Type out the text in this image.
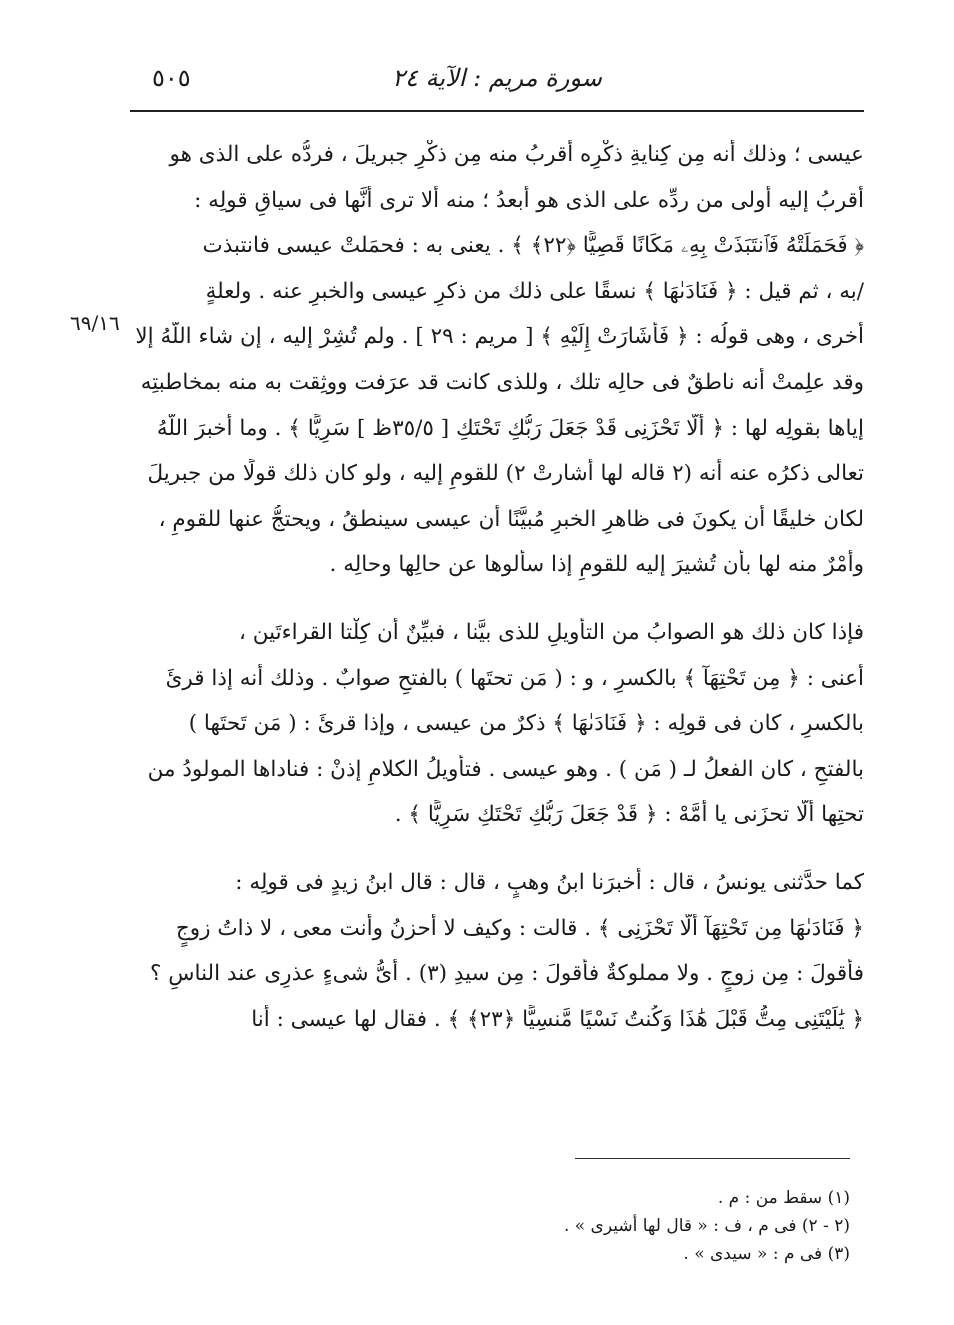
٥٠٥	سورة مريم : الآية ٢٤
٦٩/١٦
عيسى ؛ وذلك أنه مِن كِنايةِ ذكْرِه أقربُ منه مِن ذكْرِ جبريلَ ، فردُّه على الذى هو
أقربُ إليه أولى من ردِّه على الذى هو أبعدُ ؛ منه ألا ترى أنَّها فى سياقِ قولِه :
﴿ فَحَمَلَتْهُ فَٱنتَبَذَتْ بِهِۦ مَكَانًا قَصِيًّا ﴿٢٢﴾ ﴾ . يعنى به : فحمَلتْ عيسى فانتبذت
/به ، ثم قيل : ﴿ فَنَادَىٰهَا ﴾ نسقًا على ذلك من ذكرِ عيسى والخبرِ عنه . ولعلةٍ
أُخرى ، وهى قولُه : ﴿ فَأَشَارَتْ إِلَيْهِ ﴾ [ مريم : ٢٩ ] . ولم تُشِرْ إليه ، إن شاء اللَّهُ إلا
وقد علِمتْ أنه ناطقٌ فى حالِه تلك ، وللذى كانت قد عرَفت ووثِقت به منه بمخاطبتِه
إياها بقولِه لها : ﴿ أَلَّا تَحْزَنِى قَدْ جَعَلَ رَبُّكِ تَحْتَكِ [ ٣٥/٥ظ ] سَرِيًّا ﴾ . وما أخبرَ اللَّهُ
تعالى ذكرُه عنه أنه (٢ قاله لها أشارتْ ٢) للقومِ إليه ، ولو كان ذلك قولًا من جبريلَ
لكان خليقًا أن يكونَ فى ظاهرِ الخبرِ مُبيَّنًا أن عيسى سينطقُ ، ويحتجُّ عنها للقومِ ،
وأمْرٌ منه لها بأن تُشيرَ إليه للقومِ إذا سألوها عن حالِها وحالِه .
فإذا كان ذلك هو الصوابُ من التأويلِ للذى بيَّنا ، فبيِّنٌ أن كِلْتا القراءتَين ،
أعنى : ﴿ مِن تَحْتِهَآ ﴾ بالكسرِ ، و : ( مَن تحتَها ) بالفتحِ صوابٌ . وذلك أنه إذا قرئَ
بالكسرِ ، كان فى قولِه : ﴿ فَنَادَىٰهَا ﴾ ذكرٌ من عيسى ، وإذا قرئَ : ( مَن تَحتَها )
بالفتحِ ، كان الفعلُ لـ ( مَن ) . وهو عيسى . فتأويلُ الكلامِ إذنْ : فناداها المولودُ من
تحتِها ألَّا تحزَنى يا أُمَّهْ : ﴿ قَدْ جَعَلَ رَبُّكِ تَحْتَكِ سَرِيًّا ﴾ .
كما حدَّثنى يونسُ ، قال : أخبرَنا ابنُ وهبٍ ، قال : قال ابنُ زيدٍ فى قولِه :
﴿ فَنَادَىٰهَا مِن تَحْتِهَآ أَلَّا تَحْزَنِى ﴾ . قالت : وكيف لا أحزنُ وأنت معى ، لا ذاتُ زوجٍ
فأقولَ : مِن زوجٍ . ولا مملوكةٌ فأقولَ : مِن سيدِ (٣) . أىُّ شىءٍ عذرِى عند الناسِ ؟
﴿ يَٰلَيْتَنِى مِتُّ قَبْلَ هَٰذَا وَكُنتُ نَسْيًا مَّنسِيًّا ﴿٢٣﴾ ﴾ . فقال لها عيسى : أنا
(١) سقط من : م .
(٢ - ٢) فى م ، ف : « قال لها أشيرى » .
(٣) فى م : « سيدى » .
